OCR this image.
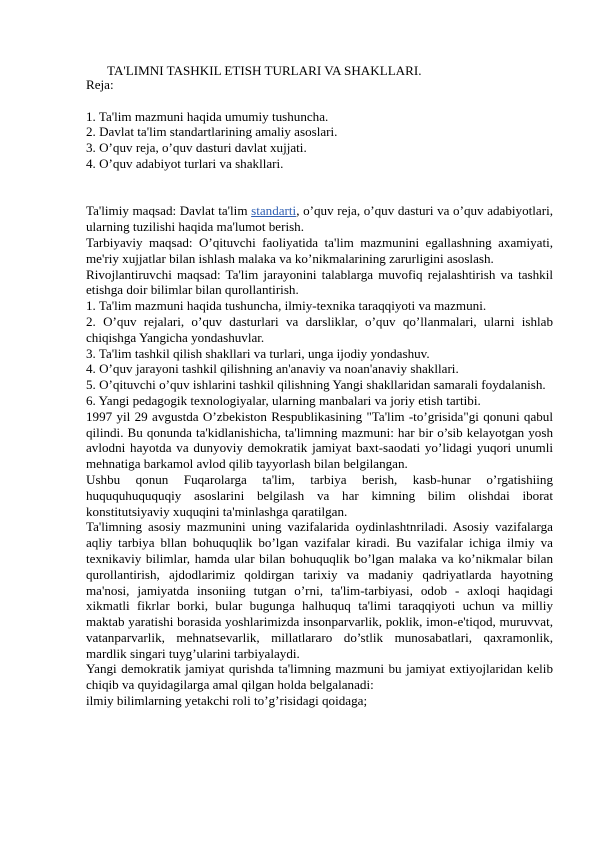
TA'LIMNI TASHKIL ETISH TURLARI VA SHAKLLARI.
Reja:
1. Ta'lim mazmuni haqida umumiy tushuncha.
2. Davlat ta'lim standartlarining amaliy asoslari.
3. O’quv reja, o’quv dasturi davlat xujjati.
4. O’quv adabiyot turlari va shakllari.
Ta'limiy maqsad: Davlat ta'lim standarti, o’quv reja, o’quv dasturi va o’quv adabiyotlari, ularning tuzilishi haqida ma'lumot berish.
Tarbiyaviy maqsad: O’qituvchi faoliyatida ta'lim mazmunini egallashning axamiyati, me'riy xujjatlar bilan ishlash malaka va ko’nikmalarining zarurligini asoslash.
Rivojlantiruvchi maqsad: Ta'lim jarayonini talablarga muvofiq rejalashtirish va tashkil etishga doir bilimlar bilan qurollantirish.
1. Ta'lim mazmuni haqida tushuncha, ilmiy-texnika taraqqiyoti va mazmuni.
2. O’quv rejalari, o’quv dasturlari va darsliklar, o’quv qo’llanmalari, ularni ishlab chiqishga Yangicha yondashuvlar.
3. Ta'lim tashkil qilish shakllari va turlari, unga ijodiy yondashuv.
4. O’quv jarayoni tashkil qilishning an'anaviy va noan'anaviy shakllari.
5. O’qituvchi o’quv ishlarini tashkil qilishning Yangi shakllaridan samarali foydalanish.
6. Yangi pedagogik texnologiyalar, ularning manbalari va joriy etish tartibi.
1997 yil 29 avgustda O’zbekiston Respublikasining "Ta'lim -to’grisida"gi qonuni qabul qilindi. Bu qonunda ta'kidlanishicha, ta'limning mazmuni: har bir o’sib kelayotgan yosh avlodni hayotda va dunyoviy demokratik jamiyat baxt-saodati yo’lidagi yuqori unumli mehnatiga barkamol avlod qilib tayyorlash bilan belgilangan.
Ushbu qonun Fuqarolarga ta'lim, tarbiya berish, kasb-hunar o’rgatishiing huququhuququqiy asoslarini belgilash va har kimning bilim olishdai iborat konstitutsiyaviy xuquqini ta'minlashga qaratilgan.
Ta'limning asosiy mazmunini uning vazifalarida oydinlashtnriladi. Asosiy vazifalarga aqliy tarbiya bllan bohuquqlik bo’lgan vazifalar kiradi. Bu vazifalar ichiga ilmiy va texnikaviy bilimlar, hamda ular bilan bohuquqlik bo’lgan malaka va ko’nikmalar bilan qurollantirish, ajdodlarimiz qoldirgan tarixiy va madaniy qadriyatlarda hayotning ma'nosi, jamiyatda insoniing tutgan o’rni, ta'lim-tarbiyasi, odob - axloqi haqidagi xikmatli fikrlar borki, bular bugunga halhuquq ta'limi taraqqiyoti uchun va milliy maktab yaratishi borasida yoshlarimizda insonparvarlik, poklik, imon-e'tiqod, muruvvat, vatanparvarlik, mehnatsevarlik, millatlararo do’stlik munosabatlari, qaxramonlik, mardlik singari tuyg’ularini tarbiyalaydi.
Yangi demokratik jamiyat qurishda ta'limning mazmuni bu jamiyat extiyojlaridan kelib chiqib va quyidagilarga amal qilgan holda belgalanadi:
ilmiy bilimlarning yetakchi roli to’g’risidagi qoidaga;
